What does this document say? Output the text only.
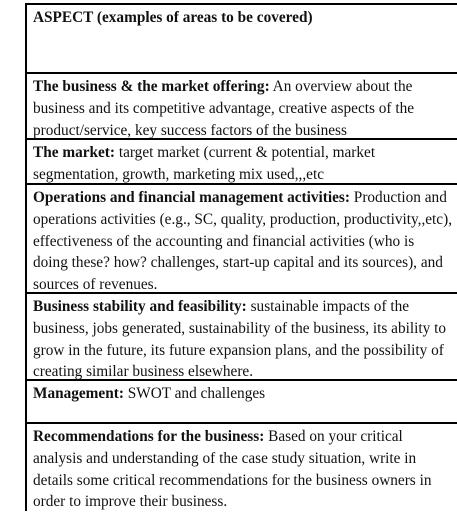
ASPECT (examples of areas to be covered)
The business & the market offering: An overview about the business and its competitive advantage, creative aspects of the product/service, key success factors of the business
The market: target market (current & potential, market segmentation, growth, marketing mix used,,,etc
Operations and financial management activities: Production and operations activities (e.g., SC, quality, production, productivity,,etc), effectiveness of the accounting and financial activities (who is doing these? how? challenges, start-up capital and its sources), and sources of revenues.
Business stability and feasibility: sustainable impacts of the business, jobs generated, sustainability of the business, its ability to grow in the future, its future expansion plans, and the possibility of creating similar business elsewhere.
Management: SWOT and challenges
Recommendations for the business: Based on your critical analysis and understanding of the case study situation, write in details some critical recommendations for the business owners in order to improve their business.
